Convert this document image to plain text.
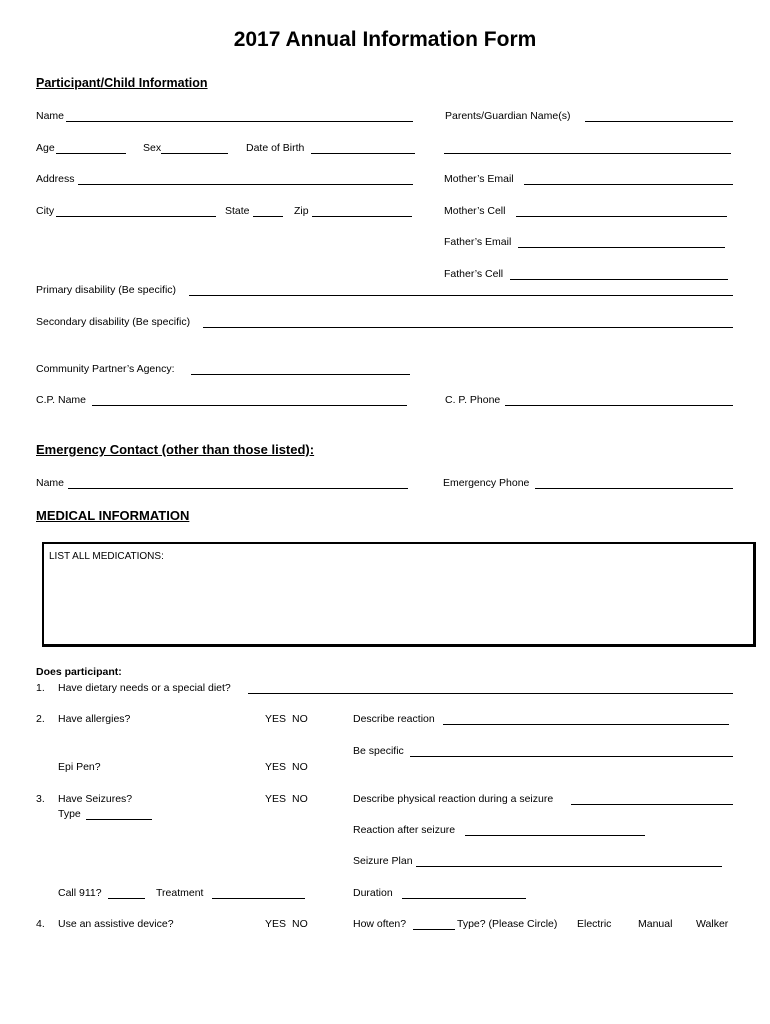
2017 Annual Information Form
Participant/Child Information
Name	Parents/Guardian Name(s)
Age	Sex	Date of Birth
Address	Mother’s Email
City	State	Zip	Mother’s Cell
Father’s Email
Father’s Cell
Primary disability (Be specific)
Secondary disability (Be specific)
Community Partner’s Agency:
C.P. Name	C. P. Phone
Emergency Contact (other than those listed):
Name	Emergency Phone
MEDICAL INFORMATION
LIST ALL MEDICATIONS:
Does participant:
1. Have dietary needs or a special diet?
2. Have allergies?	YES NO	Describe reaction
Be specific
Epi Pen?	YES NO
3. Have Seizures?	YES NO	Describe physical reaction during a seizure
Type
Reaction after seizure
Seizure Plan
Call 911?	Treatment	Duration
4. Use an assistive device?	YES NO	How often?	Type? (Please Circle) Electric	Manual Walker
